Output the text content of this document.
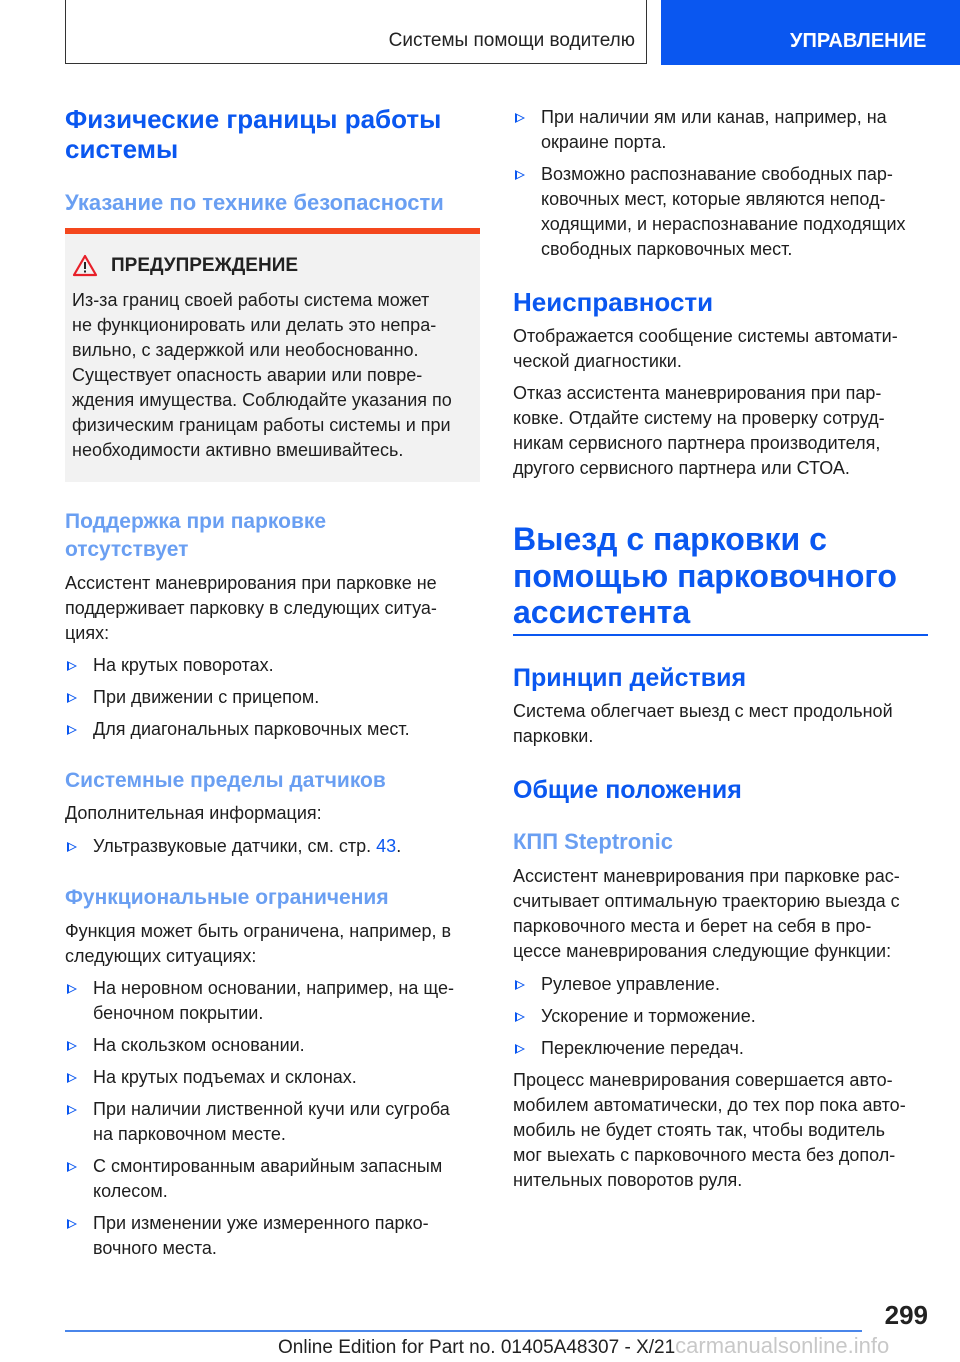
Системы помощи водителю	УПРАВЛЕНИЕ
Физические границы работы
системы
Указание по технике безопасности
ПРЕДУПРЕЖДЕНИЕ
Из-за границ своей работы система может
не функционировать или делать это непра-
вильно, с задержкой или необоснованно.
Существует опасность аварии или повре-
ждения имущества. Соблюдайте указания по
физическим границам работы системы и при
необходимости активно вмешивайтесь.
Поддержка при парковке
отсутствует
Ассистент маневрирования при парковке не
поддерживает парковку в следующих ситуа-
циях:
На крутых поворотах.
При движении с прицепом.
Для диагональных парковочных мест.
Системные пределы датчиков
Дополнительная информация:
Ультразвуковые датчики, см. стр. 43.
Функциональные ограничения
Функция может быть ограничена, например, в
следующих ситуациях:
На неровном основании, например, на ще-
беночном покрытии.
На скользком основании.
На крутых подъемах и склонах.
При наличии лиственной кучи или сугроба
на парковочном месте.
С смонтированным аварийным запасным
колесом.
При изменении уже измеренного парко-
вочного места.
При наличии ям или канав, например, на
окраине порта.
Возможно распознавание свободных пар-
ковочных мест, которые являются непод-
ходящими, и нераспознавание подходящих
свободных парковочных мест.
Неисправности
Отображается сообщение системы автомати-
ческой диагностики.
Отказ ассистента маневрирования при пар-
ковке. Отдайте систему на проверку сотруд-
никам сервисного партнера производителя,
другого сервисного партнера или СТОА.
Выезд с парковки с
помощью парковочного
ассистента
Принцип действия
Система облегчает выезд с мест продольной
парковки.
Общие положения
КПП Steptronic
Ассистент маневрирования при парковке рас-
считывает оптимальную траекторию выезда с
парковочного места и берет на себя в про-
цессе маневрирования следующие функции:
Рулевое управление.
Ускорение и торможение.
Переключение передач.
Процесс маневрирования совершается авто-
мобилем автоматически, до тех пор пока авто-
мобиль не будет стоять так, чтобы водитель
мог выехать с парковочного места без допол-
нительных поворотов руля.
299
Online Edition for Part no. 01405A48307 - X/21carmanualsonline.info
